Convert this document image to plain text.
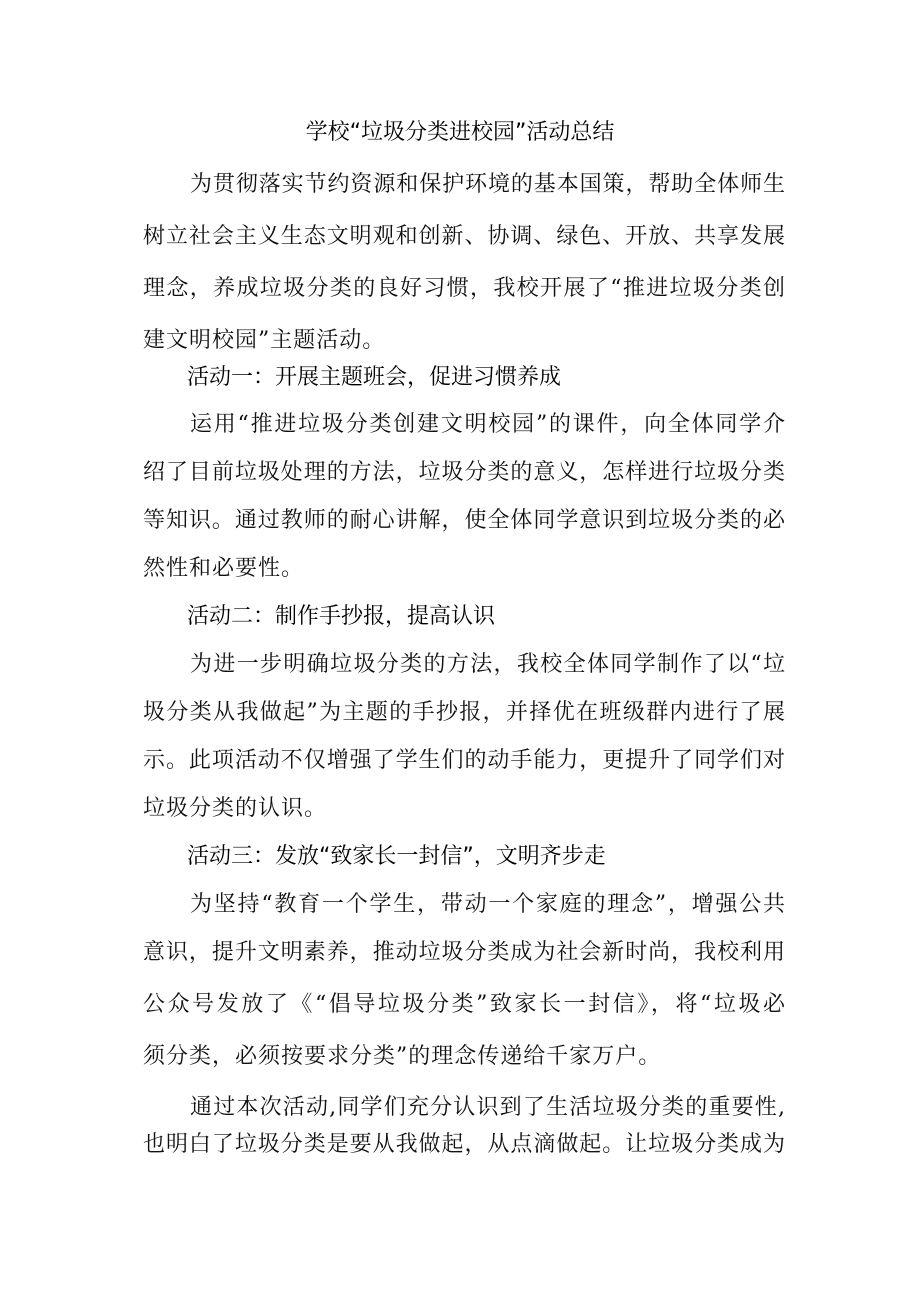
学校“垃圾分类进校园”活动总结
为贯彻落实节约资源和保护环境的基本国策，帮助全体师生
树立社会主义生态文明观和创新、协调、绿色、开放、共享发展
理念，养成垃圾分类的良好习惯，我校开展了“推进垃圾分类创
建文明校园”主题活动。
活动一：开展主题班会，促进习惯养成
运用“推进垃圾分类创建文明校园”的课件，向全体同学介
绍了目前垃圾处理的方法，垃圾分类的意义，怎样进行垃圾分类
等知识。通过教师的耐心讲解，使全体同学意识到垃圾分类的必
然性和必要性。
活动二：制作手抄报，提高认识
为进一步明确垃圾分类的方法，我校全体同学制作了以“垃
圾分类从我做起”为主题的手抄报，并择优在班级群内进行了展
示。此项活动不仅增强了学生们的动手能力，更提升了同学们对
垃圾分类的认识。
活动三：发放“致家长一封信”，文明齐步走
为坚持“教育一个学生，带动一个家庭的理念”，增强公共
意识，提升文明素养，推动垃圾分类成为社会新时尚，我校利用
公众号发放了《“倡导垃圾分类”致家长一封信》，将“垃圾必
须分类，必须按要求分类”的理念传递给千家万户。
通过本次活动,同学们充分认识到了生活垃圾分类的重要性,
也明白了垃圾分类是要从我做起，从点滴做起。让垃圾分类成为
